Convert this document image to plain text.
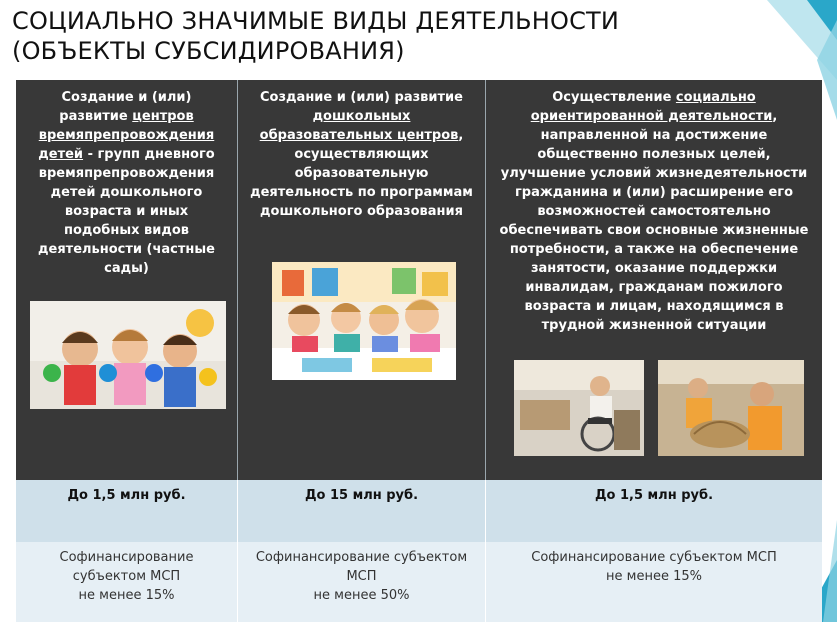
СОЦИАЛЬНО ЗНАЧИМЫЕ ВИДЫ ДЕЯТЕЛЬНОСТИ
(ОБЪЕКТЫ СУБСИДИРОВАНИЯ)
Создание и (или) развитие центров времяпрепровождения детей - групп дневного времяпрепровождения детей дошкольного возраста и иных подобных видов деятельности (частные сады)
Создание и (или) развитие дошкольных образовательных центров, осуществляющих образовательную деятельность по программам дошкольного образования
Осуществление социально ориентированной деятельности, направленной на достижение общественно полезных целей, улучшение условий жизнедеятельности гражданина и (или) расширение его возможностей самостоятельно обеспечивать свои основные жизненные потребности, а также на обеспечение занятости, оказание поддержки инвалидам, гражданам пожилого возраста и лицам, находящимся в трудной жизненной ситуации
До 1,5 млн руб.	До 15 млн руб.	До 1,5 млн руб.
Софинансирование
субъектом МСП
не менее 15%
Софинансирование субъектом
МСП
не менее 50%
Софинансирование субъектом МСП
не менее 15%
